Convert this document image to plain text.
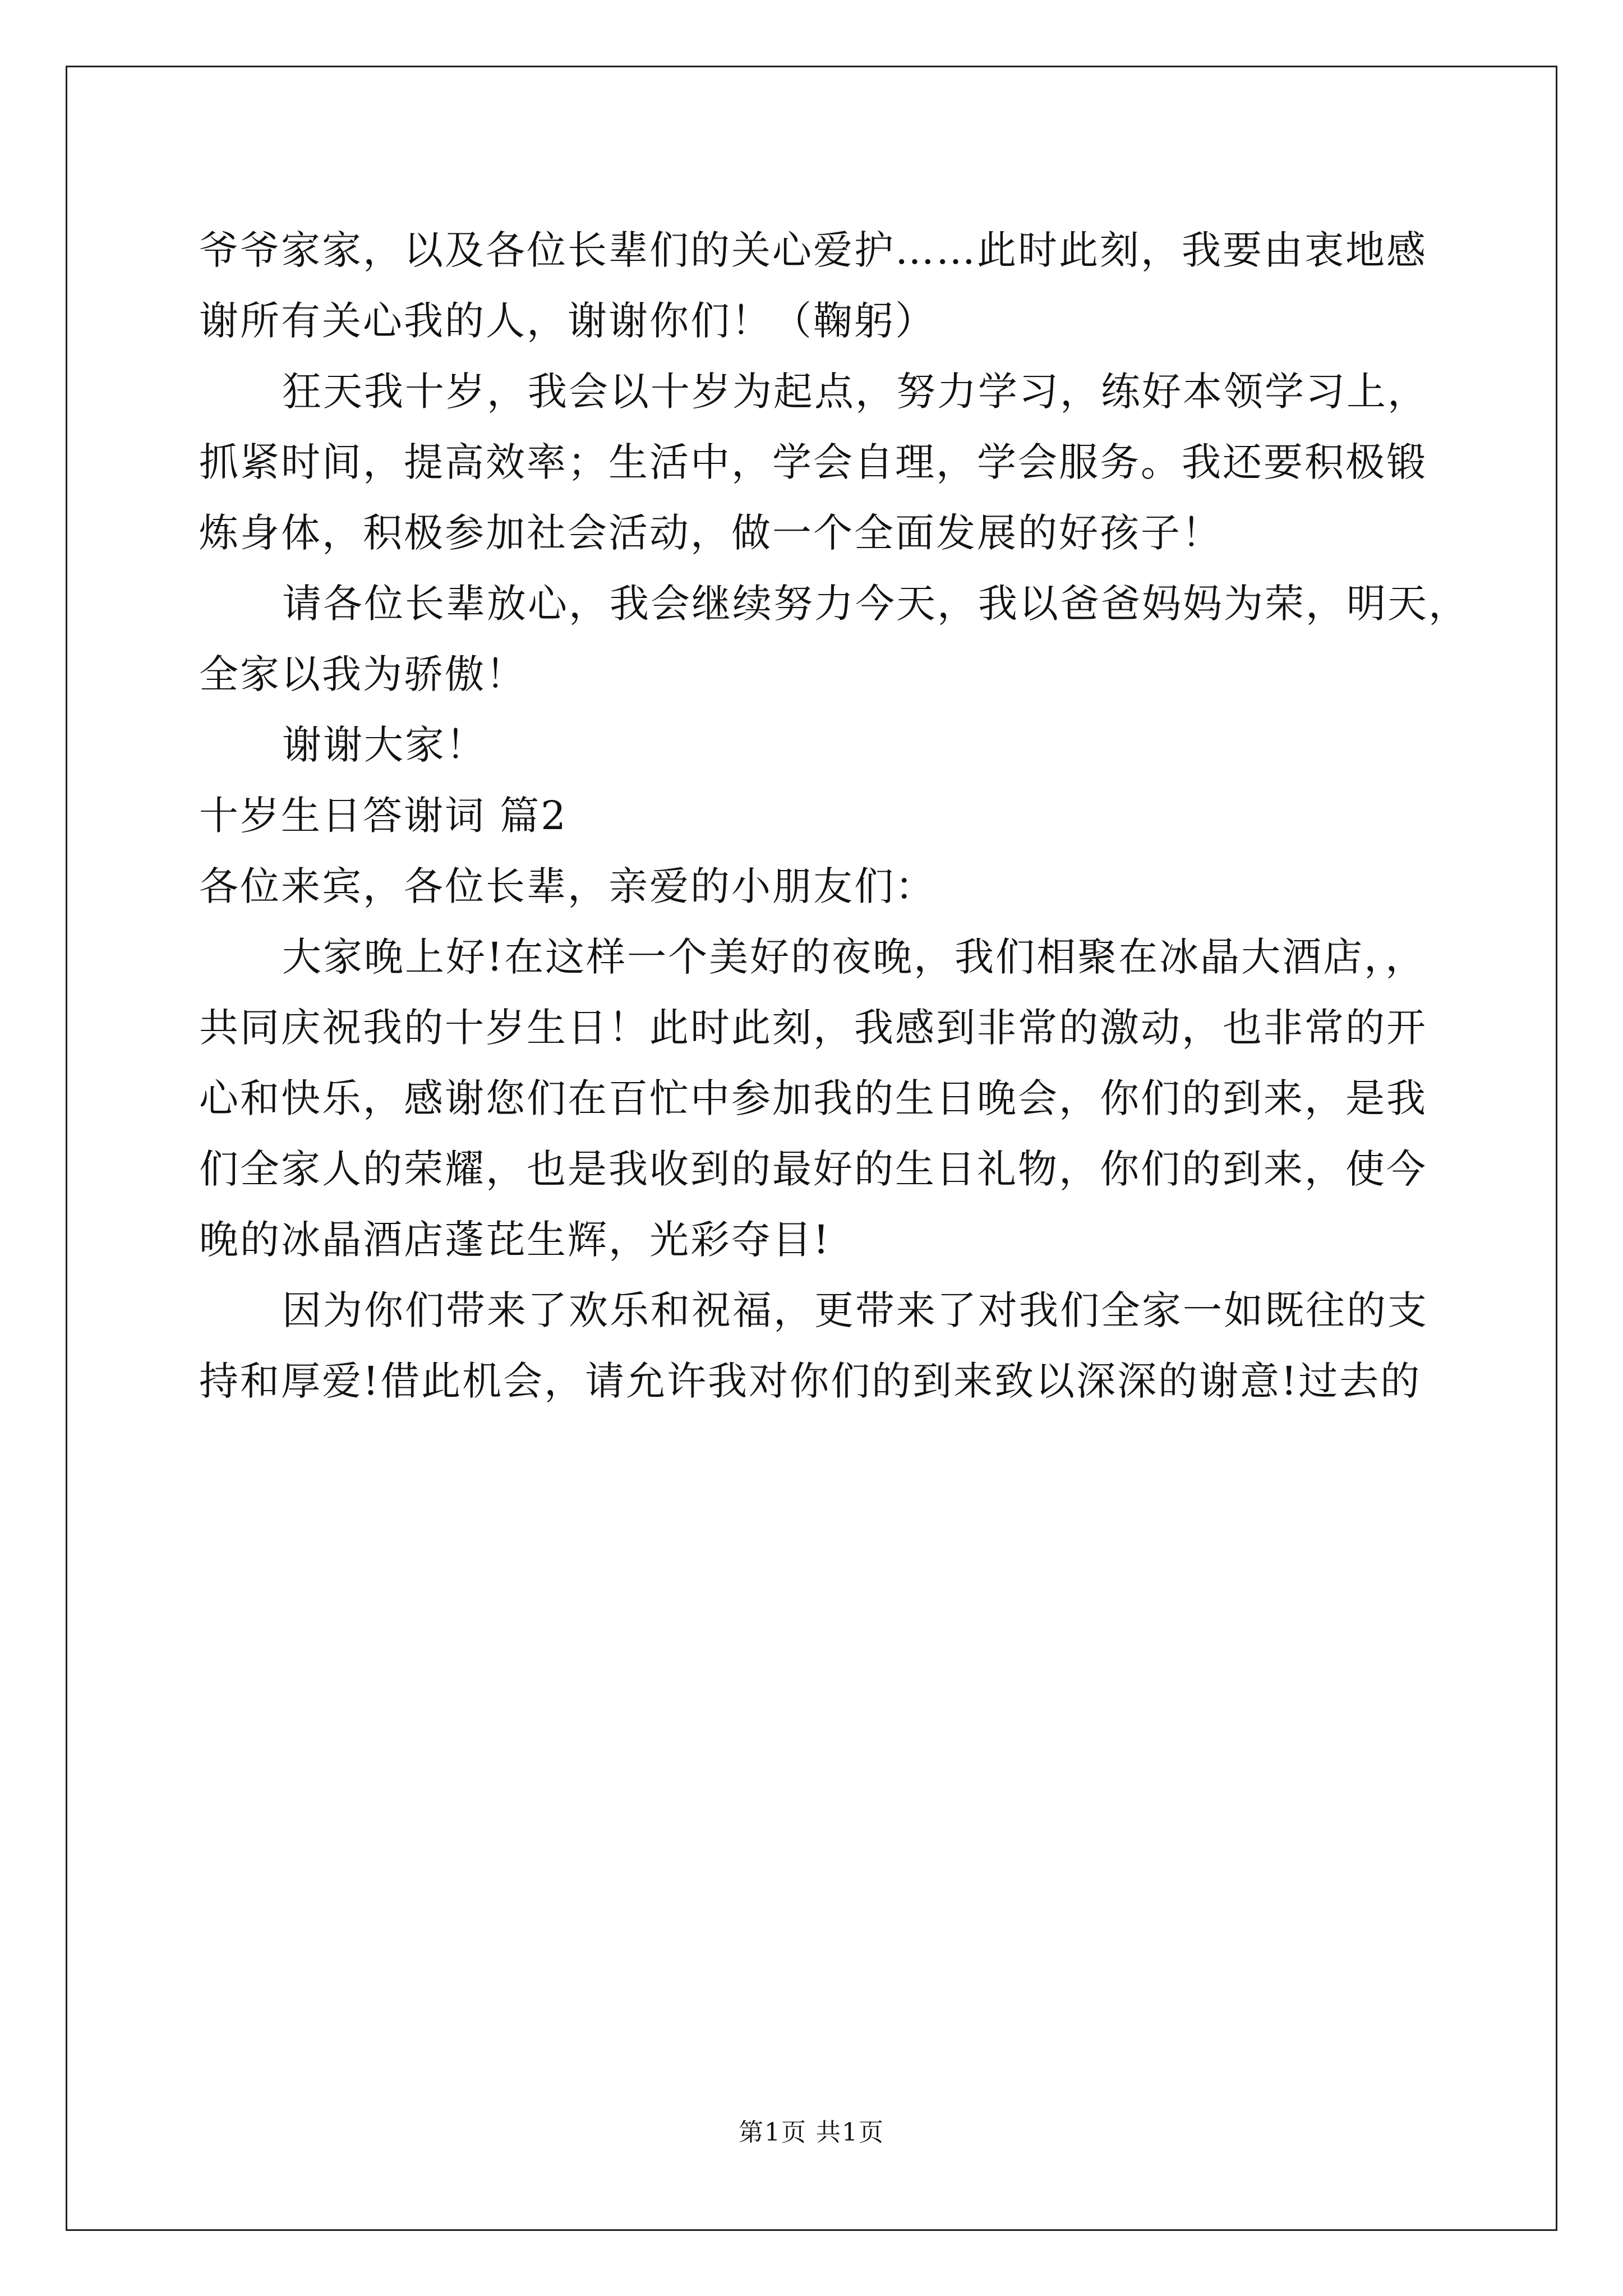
爷爷家家，以及各位长辈们的关心爱护……此时此刻，我要由衷地感
谢所有关心我的人，谢谢你们！（鞠躬）
狂天我十岁，我会以十岁为起点，努力学习，练好本领学习上，
抓紧时间，提高效率；生活中，学会自理，学会服务。我还要积极锻
炼身体，积极参加社会活动，做一个全面发展的好孩子！
请各位长辈放心，我会继续努力今天，我以爸爸妈妈为荣，明天，
全家以我为骄傲！
谢谢大家！
十岁生日答谢词 篇2
各位来宾，各位长辈，亲爱的小朋友们：
大家晚上好!在这样一个美好的夜晚，我们相聚在冰晶大酒店，，
共同庆祝我的十岁生日！此时此刻，我感到非常的激动，也非常的开
心和快乐，感谢您们在百忙中参加我的生日晚会，你们的到来，是我
们全家人的荣耀，也是我收到的最好的生日礼物，你们的到来，使今
晚的冰晶酒店蓬芘生辉，光彩夺目!
因为你们带来了欢乐和祝福，更带来了对我们全家一如既往的支
持和厚爱!借此机会，请允许我对你们的到来致以深深的谢意!过去的
第1页 共1页
